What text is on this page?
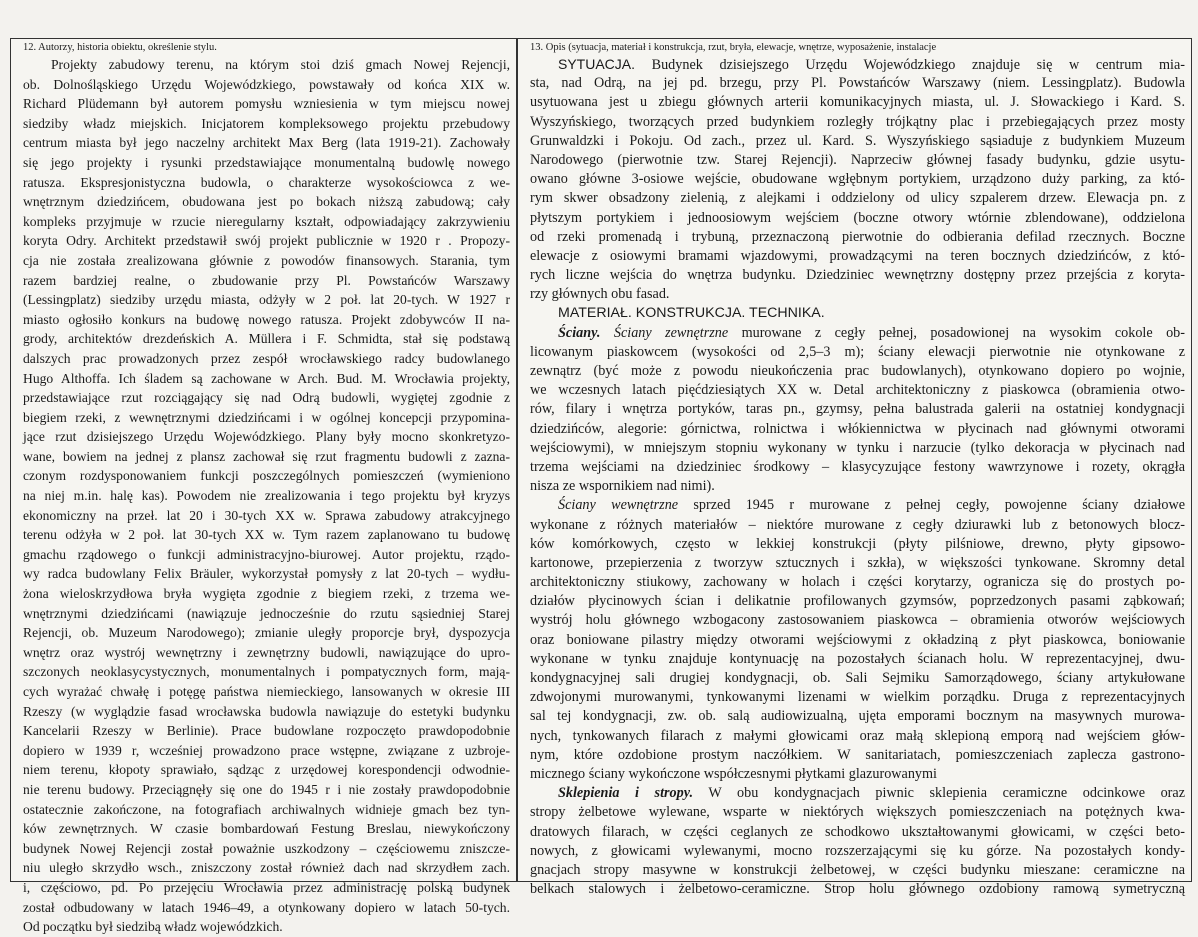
12. Autorzy, historia obiektu, określenie stylu.
Projekty zabudowy terenu, na którym stoi dziś gmach Nowej Rejencji,
ob. Dolnośląskiego Urzędu Wojewódzkiego, powstawały od końca XIX w.
Richard Plüdemann był autorem pomysłu wzniesienia w tym miejscu nowej
siedziby władz miejskich. Inicjatorem kompleksowego projektu przebudowy
centrum miasta był jego naczelny architekt Max Berg (lata 1919-21). Zachowały
się jego projekty i rysunki przedstawiające monumentalną budowlę nowego
ratusza. Ekspresjonistyczna budowla, o charakterze wysokościowca z we-
wnętrznym dziedzińcem, obudowana jest po bokach niższą zabudową; cały
kompleks przyjmuje w rzucie nieregularny kształt, odpowiadający zakrzywieniu
koryta Odry. Architekt przedstawił swój projekt publicznie w 1920 r . Propozy-
cja nie została zrealizowana głównie z powodów finansowych. Starania, tym
razem bardziej realne, o zbudowanie przy Pl. Powstańców Warszawy
(Lessingplatz) siedziby urzędu miasta, odżyły w 2 poł. lat 20-tych. W 1927 r
miasto ogłosiło konkurs na budowę nowego ratusza. Projekt zdobywców II na-
grody, architektów drezdeńskich A. Müllera i F. Schmidta, stał się podstawą
dalszych prac prowadzonych przez zespół wrocławskiego radcy budowlanego
Hugo Althoffa. Ich śladem są zachowane w Arch. Bud. M. Wrocławia projekty,
przedstawiające rzut rozciągający się nad Odrą budowli, wygiętej zgodnie z
biegiem rzeki, z wewnętrznymi dziedzińcami i w ogólnej koncepcji przypomina-
jące rzut dzisiejszego Urzędu Wojewódzkiego. Plany były mocno skonkretyzo-
wane, bowiem na jednej z plansz zachował się rzut fragmentu budowli z zazna-
czonym rozdysponowaniem funkcji poszczególnych pomieszczeń (wymieniono
na niej m.in. halę kas). Powodem nie zrealizowania i tego projektu był kryzys
ekonomiczny na przeł. lat 20 i 30-tych XX w. Sprawa zabudowy atrakcyjnego
terenu odżyła w 2 poł. lat 30-tych XX w. Tym razem zaplanowano tu budowę
gmachu rządowego o funkcji administracyjno-biurowej. Autor projektu, rządo-
wy radca budowlany Felix Bräuler, wykorzystał pomysły z lat 20-tych – wydłu-
żona wieloskrzydłowa bryła wygięta zgodnie z biegiem rzeki, z trzema we-
wnętrznymi dziedzińcami (nawiązuje jednocześnie do rzutu sąsiedniej Starej
Rejencji, ob. Muzeum Narodowego); zmianie uległy proporcje brył, dyspozycja
wnętrz oraz wystrój wewnętrzny i zewnętrzny budowli, nawiązujące do upro-
szczonych neoklasycystycznych, monumentalnych i pompatycznych form, mają-
cych wyrażać chwałę i potęgę państwa niemieckiego, lansowanych w okresie III
Rzeszy (w wyglądzie fasad wrocławska budowla nawiązuje do estetyki budynku
Kancelarii Rzeszy w Berlinie). Prace budowlane rozpoczęto prawdopodobnie
dopiero w 1939 r, wcześniej prowadzono prace wstępne, związane z uzbroje-
niem terenu, kłopoty sprawiało, sądząc z urzędowej korespondencji odwodnie-
nie terenu budowy. Przeciągnęły się one do 1945 r i nie zostały prawdopodobnie
ostatecznie zakończone, na fotografiach archiwalnych widnieje gmach bez tyn-
ków zewnętrznych. W czasie bombardowań Festung Breslau, niewykończony
budynek Nowej Rejencji został poważnie uszkodzony – częściowemu zniszcze-
niu uległo skrzydło wsch., zniszczony został również dach nad skrzydłem zach.
i, częściowo, pd. Po przejęciu Wrocławia przez administrację polską budynek
został odbudowany w latach 1946–49, a otynkowany dopiero w latach 50-tych.
Od początku był siedzibą władz wojewódzkich.
13. Opis (sytuacja, materiał i konstrukcja, rzut, bryła, elewacje, wnętrze, wyposażenie, instalacje
SYTUACJA. Budynek dzisiejszego Urzędu Wojewódzkiego znajduje się w centrum mia-
sta, nad Odrą, na jej pd. brzegu, przy Pl. Powstańców Warszawy (niem. Lessingplatz). Budowla
usytuowana jest u zbiegu głównych arterii komunikacyjnych miasta, ul. J. Słowackiego i Kard. S.
Wyszyńskiego, tworzących przed budynkiem rozległy trójkątny plac i przebiegających przez mosty
Grunwaldzki i Pokoju. Od zach., przez ul. Kard. S. Wyszyńskiego sąsiaduje z budynkiem Muzeum
Narodowego (pierwotnie tzw. Starej Rejencji). Naprzeciw głównej fasady budynku, gdzie usytu-
owano główne 3-osiowe wejście, obudowane wgłębnym portykiem, urządzono duży parking, za któ-
rym skwer obsadzony zielenią, z alejkami i oddzielony od ulicy szpalerem drzew. Elewacja pn. z
płytszym portykiem i jednoosiowym wejściem (boczne otwory wtórnie zblendowane), oddzielona
od rzeki promenadą i trybuną, przeznaczoną pierwotnie do odbierania defilad rzecznych. Boczne
elewacje z osiowymi bramami wjazdowymi, prowadzącymi na teren bocznych dziedzińców, z któ-
rych liczne wejścia do wnętrza budynku. Dziedziniec wewnętrzny dostępny przez przejścia z koryta-
rzy głównych obu fasad.
MATERIAŁ. KONSTRUKCJA. TECHNIKA.
Ściany. Ściany zewnętrzne murowane z cegły pełnej, posadowionej na wysokim cokole ob-
licowanym piaskowcem (wysokości od 2,5–3 m); ściany elewacji pierwotnie nie otynkowane z
zewnątrz (być może z powodu nieukończenia prac budowlanych), otynkowano dopiero po wojnie,
we wczesnych latach pięćdziesiątych XX w. Detal architektoniczny z piaskowca (obramienia otwo-
rów, filary i wnętrza portyków, taras pn., gzymsy, pełna balustrada galerii na ostatniej kondygnacji
dziedzińców, alegorie: górnictwa, rolnictwa i włókiennictwa w płycinach nad głównymi otworami
wejściowymi), w mniejszym stopniu wykonany w tynku i narzucie (tylko dekoracja w płycinach nad
trzema wejściami na dziedziniec środkowy – klasycyzujące festony wawrzynowe i rozety, okrągła
nisza ze wspornikiem nad nimi).
Ściany wewnętrzne sprzed 1945 r murowane z pełnej cegły, powojenne ściany działowe
wykonane z różnych materiałów – niektóre murowane z cegły dziurawki lub z betonowych blocz-
ków komórkowych, często w lekkiej konstrukcji (płyty pilśniowe, drewno, płyty gipsowo-
kartonowe, przepierzenia z tworzyw sztucznych i szkła), w większości tynkowane. Skromny detal
architektoniczny stiukowy, zachowany w holach i części korytarzy, ogranicza się do prostych po-
działów płycinowych ścian i delikatnie profilowanych gzymsów, poprzedzonych pasami ząbkowań;
wystrój holu głównego wzbogacony zastosowaniem piaskowca – obramienia otworów wejściowych
oraz boniowane pilastry między otworami wejściowymi z okładziną z płyt piaskowca, boniowanie
wykonane w tynku znajduje kontynuację na pozostałych ścianach holu. W reprezentacyjnej, dwu-
kondygnacyjnej sali drugiej kondygnacji, ob. Sali Sejmiku Samorządowego, ściany artykułowane
zdwojonymi murowanymi, tynkowanymi lizenami w wielkim porządku. Druga z reprezentacyjnych
sal tej kondygnacji, zw. ob. salą audiowizualną, ujęta emporami bocznym na masywnych murowa-
nych, tynkowanych filarach z małymi głowicami oraz małą sklepioną emporą nad wejściem głów-
nym, które ozdobione prostym naczółkiem. W sanitariatach, pomieszczeniach zaplecza gastrono-
micznego ściany wykończone współczesnymi płytkami glazurowanymi
Sklepienia i stropy. W obu kondygnacjach piwnic sklepienia ceramiczne odcinkowe oraz
stropy żelbetowe wylewane, wsparte w niektórych większych pomieszczeniach na potężnych kwa-
dratowych filarach, w części ceglanych ze schodkowo ukształtowanymi głowicami, w części beto-
nowych, z głowicami wylewanymi, mocno rozszerzającymi się ku górze. Na pozostałych kondy-
gnacjach stropy masywne w konstrukcji żelbetowej, w części budynku mieszane: ceramiczne na
belkach stalowych i żelbetowo-ceramiczne. Strop holu głównego ozdobiony ramową symetryczną
